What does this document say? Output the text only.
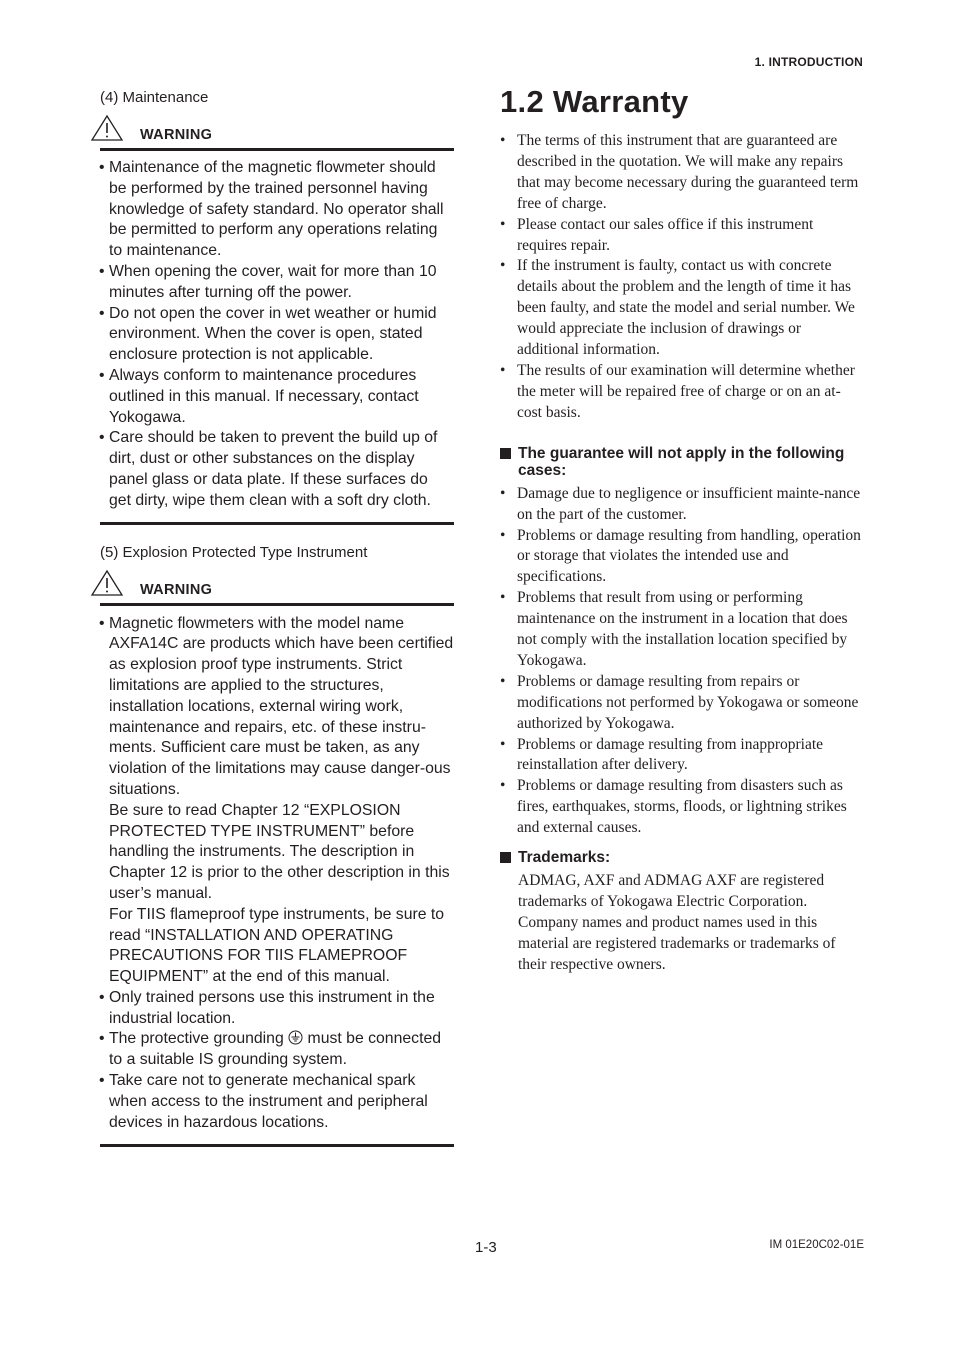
1. INTRODUCTION
(4) Maintenance
WARNING
• Maintenance of the magnetic flowmeter should be performed by the trained personnel having knowledge of safety standard. No operator shall be permitted to perform any operations relating to maintenance.
• When opening the cover, wait for more than 10 minutes after turning off the power.
• Do not open the cover in wet weather or humid environment. When the cover is open, stated enclosure protection is not applicable.
• Always conform to maintenance procedures outlined in this manual. If necessary, contact Yokogawa.
• Care should be taken to prevent the build up of dirt, dust or other substances on the display panel glass or data plate. If these surfaces do get dirty, wipe them clean with a soft dry cloth.
(5) Explosion Protected Type Instrument
WARNING
• Magnetic flowmeters with the model name AXFA14C are products which have been certified as explosion proof type instruments. Strict limitations are applied to the structures, installation locations, external wiring work, maintenance and repairs, etc. of these instru-ments. Sufficient care must be taken, as any violation of the limitations may cause danger-ous situations.
Be sure to read Chapter 12 “EXPLOSION PROTECTED TYPE INSTRUMENT” before handling the instruments. The description in Chapter 12 is prior to the other description in this user’s manual.
For TIIS flameproof type instruments, be sure to read “INSTALLATION AND OPERATING PRECAUTIONS FOR TIIS FLAMEPROOF EQUIPMENT” at the end of this manual.
• Only trained persons use this instrument in the industrial location.
• The protective grounding  must be connected to a suitable IS grounding system.
• Take care not to generate mechanical spark when access to the instrument and peripheral devices in hazardous locations.
1.2 Warranty
• The terms of this instrument that are guaranteed are described in the quotation. We will make any repairs that may become necessary during the guaranteed term free of charge.
• Please contact our sales office if this instrument requires repair.
• If the instrument is faulty, contact us with concrete details about the problem and the length of time it has been faulty, and state the model and serial number. We would appreciate the inclusion of drawings or additional information.
• The results of our examination will determine whether the meter will be repaired free of charge or on an at-cost basis.
The guarantee will not apply in the following cases:
• Damage due to negligence or insufficient mainte-nance on the part of the customer.
• Problems or damage resulting from handling, operation or storage that violates the intended use and specifications.
• Problems that result from using or performing maintenance on the instrument in a location that does not comply with the installation location specified by Yokogawa.
• Problems or damage resulting from repairs or modifications not performed by Yokogawa or someone authorized by Yokogawa.
• Problems or damage resulting from inappropriate reinstallation after delivery.
• Problems or damage resulting from disasters such as fires, earthquakes, storms, floods, or lightning strikes and external causes.
Trademarks:
ADMAG, AXF and ADMAG AXF are registered trademarks of Yokogawa Electric Corporation. Company names and product names used in this material are registered trademarks or trademarks of their respective owners.
1-3	IM 01E20C02-01E
